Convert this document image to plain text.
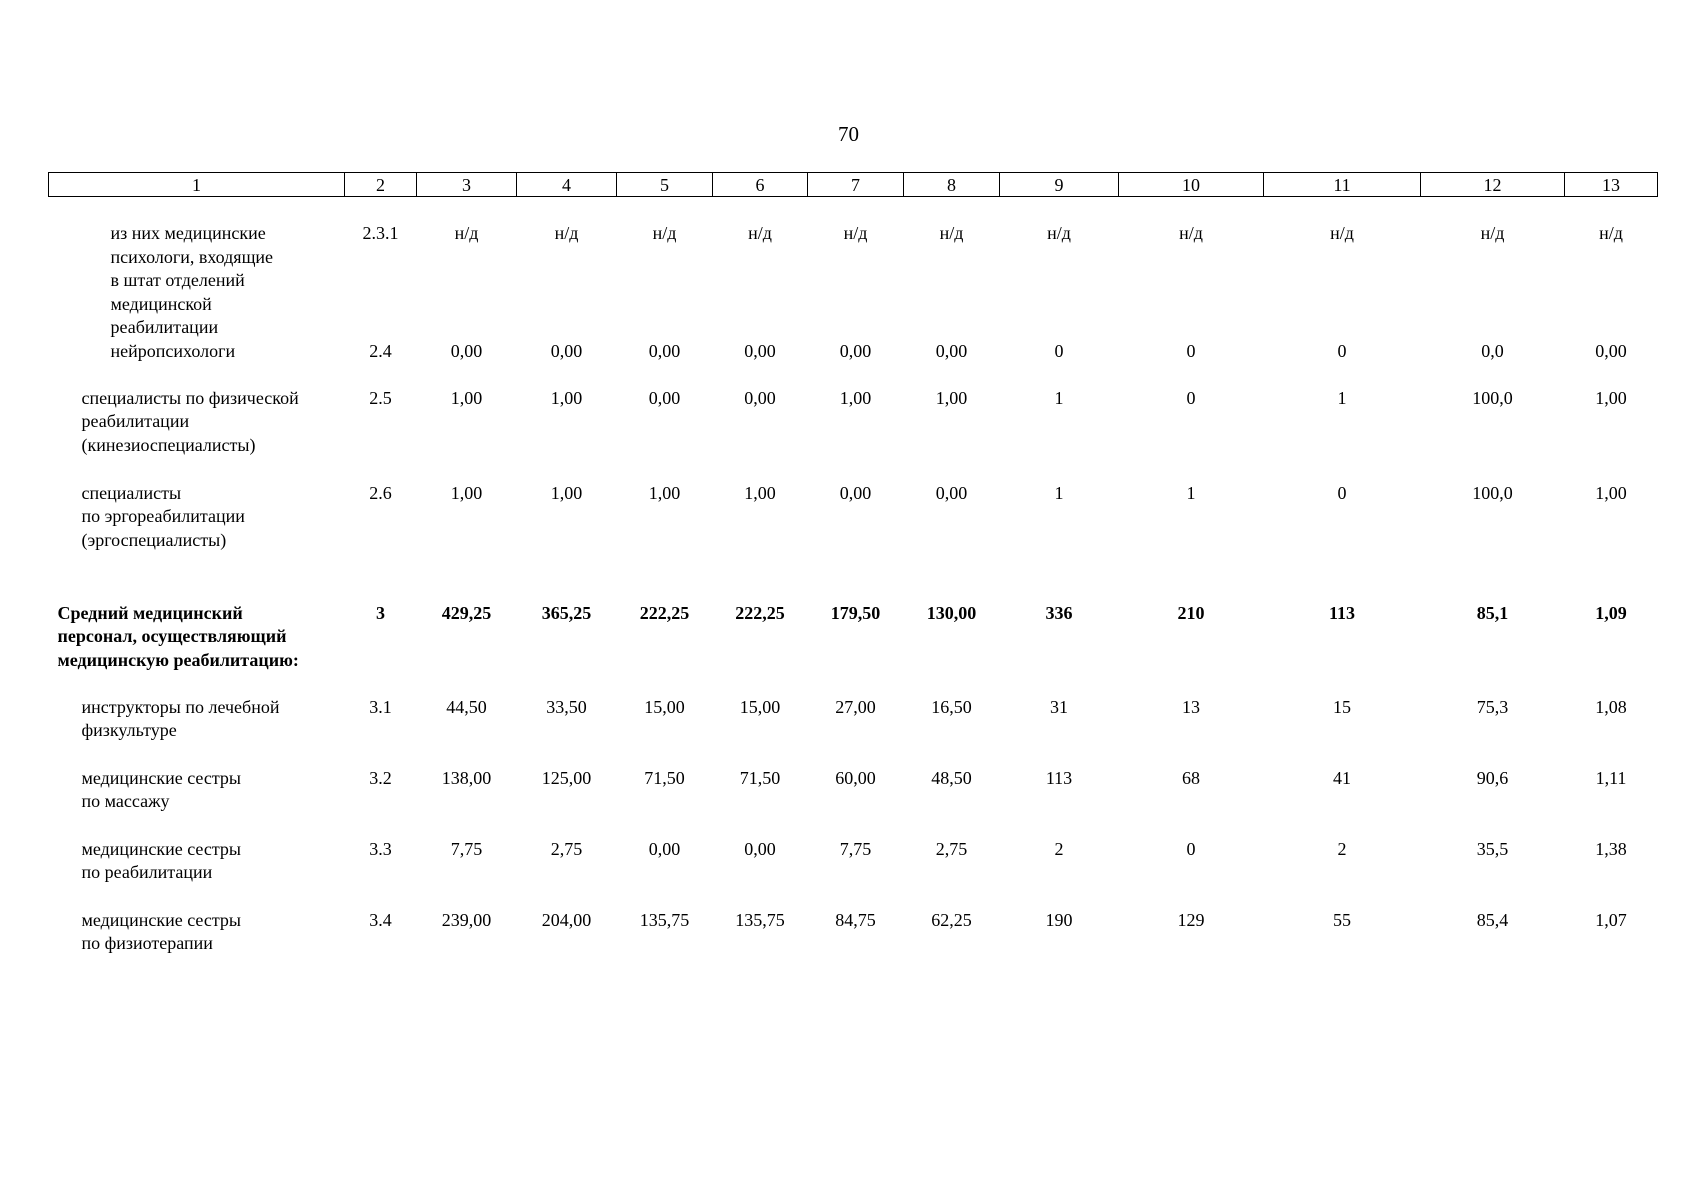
70
1	2	3	4	5	6	7	8	9	10	11	12	13
из них медицинские
психологи, входящие
в штат отделений
медицинской
реабилитации	2.3.1	н/д	н/д	н/д	н/д	н/д	н/д	н/д	н/д	н/д	н/д	н/д
нейропсихологи	2.4	0,00	0,00	0,00	0,00	0,00	0,00	0	0	0	0,0	0,00
специалисты по физической
реабилитации
(кинезиоспециалисты)	2.5	1,00	1,00	0,00	0,00	1,00	1,00	1	0	1	100,0	1,00
специалисты
по эргореабилитации
(эргоспециалисты)	2.6	1,00	1,00	1,00	1,00	0,00	0,00	1	1	0	100,0	1,00
Средний медицинский
персонал, осуществляющий
медицинскую реабилитацию:	3	429,25	365,25	222,25	222,25	179,50	130,00	336	210	113	85,1	1,09
инструкторы по лечебной
физкультуре	3.1	44,50	33,50	15,00	15,00	27,00	16,50	31	13	15	75,3	1,08
медицинские сестры
по массажу	3.2	138,00	125,00	71,50	71,50	60,00	48,50	113	68	41	90,6	1,11
медицинские сестры
по реабилитации	3.3	7,75	2,75	0,00	0,00	7,75	2,75	2	0	2	35,5	1,38
медицинские сестры
по физиотерапии	3.4	239,00	204,00	135,75	135,75	84,75	62,25	190	129	55	85,4	1,07
